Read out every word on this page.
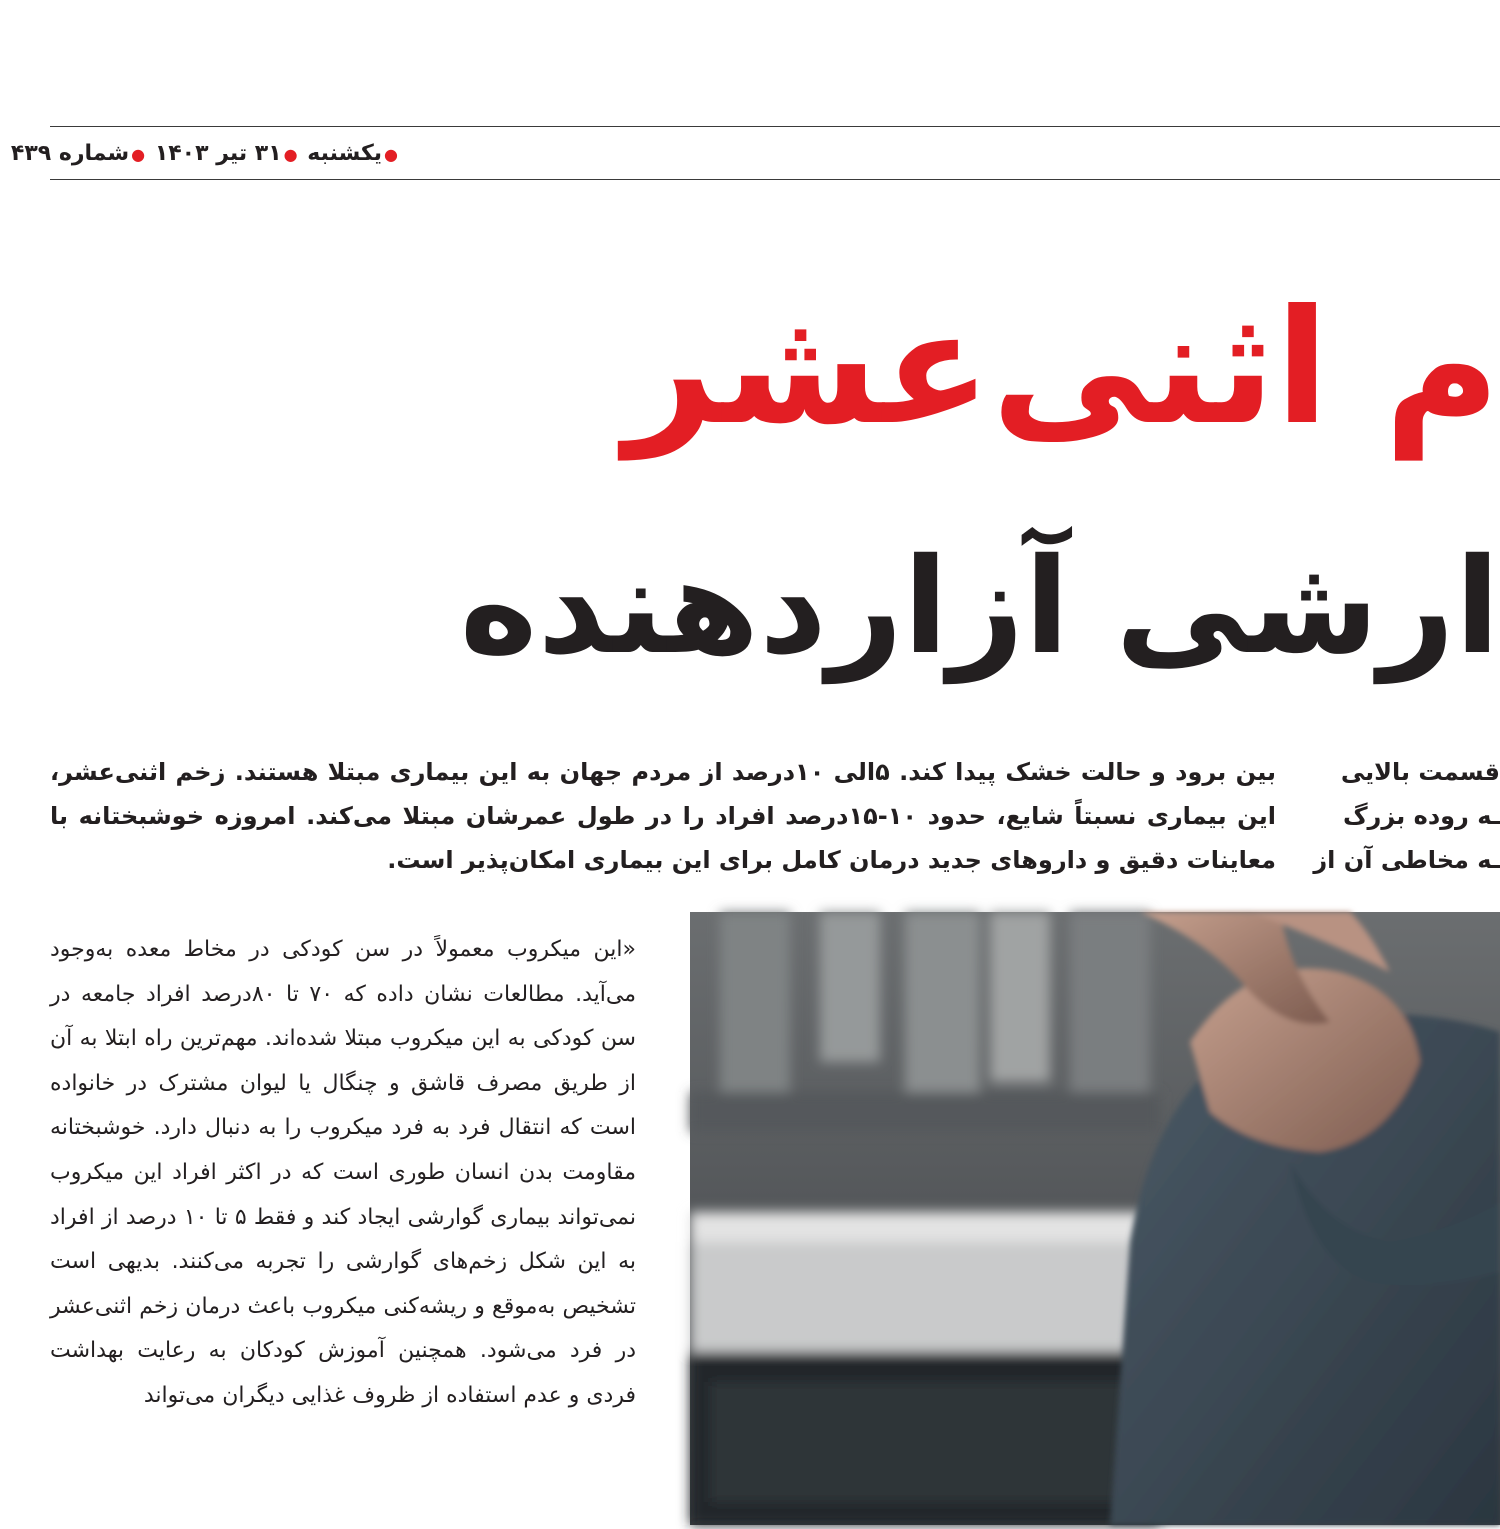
●یکشنبه ●۳۱ تیر ۱۴۰۳ ●شماره ۴۳۹
م اثنی‌عشر
ارشی آزاردهنده
بین برود و حالت خشک پیدا کند. ۵الی ۱۰درصد از مردم جهان به این بیماری مبتلا هستند. زخم اثنی‌عشر، این بیماری نسبتاً شایع، حدود ۱۰-۱۵درصد افراد را در طول عمرشان مبتلا می‌کند. امروزه خوشبختانه با معاینات دقیق و داروهای جدید درمان کامل برای این بیماری امکان‌پذیر است.
قسمت بالایی
ـه روده بزرگ
ـه مخاطی آن از
«این میکروب معمولاً در سن کودکی در مخاط معده به‌وجود می‌آید. مطالعات نشان داده که ۷۰ تا ۸۰درصد افراد جامعه در سن کودکی به این میکروب مبتلا شده‌اند. مهم‌ترین راه ابتلا به آن از طریق مصرف قاشق و چنگال یا لیوان مشترک در خانواده است که انتقال فرد به فرد میکروب را به دنبال دارد. خوشبختانه مقاومت بدن انسان طوری است که در اکثر افراد این میکروب نمی‌تواند بیماری گوارشی ایجاد کند و فقط ۵ تا ۱۰ درصد از افراد به این شکل زخم‌های گوارشی را تجربه می‌کنند. بدیهی است تشخیص به‌موقع و ریشه‌کنی میکروب باعث درمان زخم اثنی‌عشر در فرد می‌شود. همچنین آموزش کودکان به رعایت بهداشت فردی و عدم استفاده از ظروف غذایی دیگران می‌تواند
